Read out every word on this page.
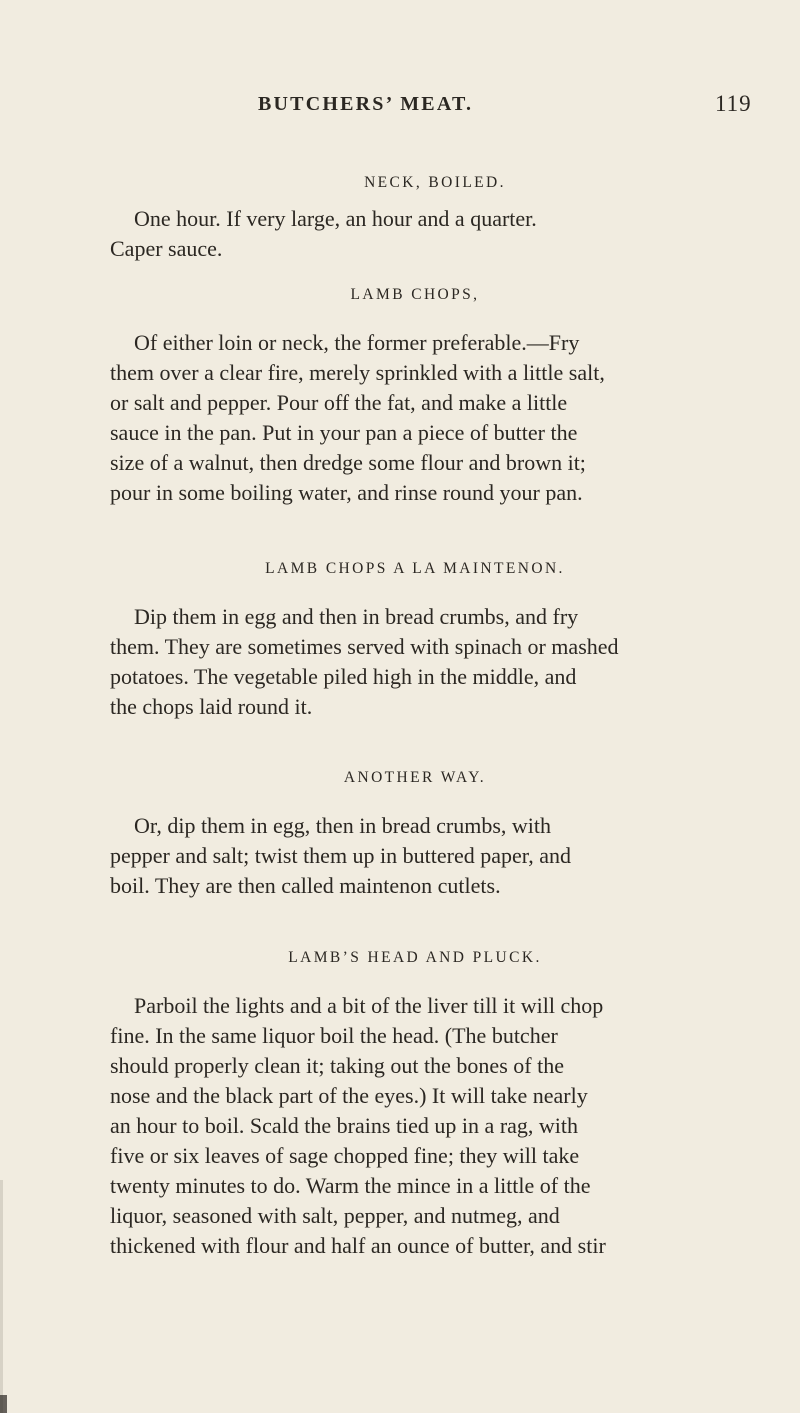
BUTCHERS’ MEAT.	119
NECK, BOILED.

One hour. If very large, an hour and a quarter.
Caper sauce.

LAMB CHOPS,

Of either loin or neck, the former preferable.—Fry
them over a clear fire, merely sprinkled with a little salt,
or salt and pepper. Pour off the fat, and make a little
sauce in the pan. Put in your pan a piece of butter the
size of a walnut, then dredge some flour and brown it;
pour in some boiling water, and rinse round your pan.

LAMB CHOPS A LA MAINTENON.

Dip them in egg and then in bread crumbs, and fry
them. They are sometimes served with spinach or mashed
potatoes. The vegetable piled high in the middle, and
the chops laid round it.

ANOTHER WAY.

Or, dip them in egg, then in bread crumbs, with
pepper and salt; twist them up in buttered paper, and
boil. They are then called maintenon cutlets.

LAMB’S HEAD AND PLUCK.

Parboil the lights and a bit of the liver till it will chop
fine. In the same liquor boil the head. (The butcher
should properly clean it; taking out the bones of the
nose and the black part of the eyes.) It will take nearly
an hour to boil. Scald the brains tied up in a rag, with
five or six leaves of sage chopped fine; they will take
twenty minutes to do. Warm the mince in a little of the
liquor, seasoned with salt, pepper, and nutmeg, and
thickened with flour and half an ounce of butter, and stir
